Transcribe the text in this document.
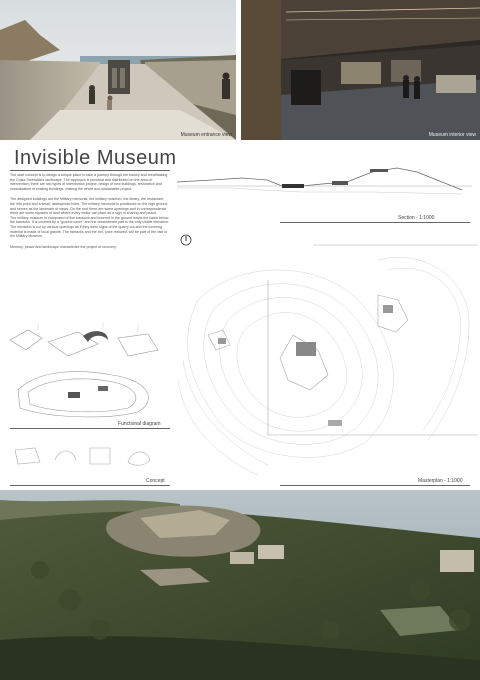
Museum entrance view	Museum interior view
Invisible Museum

The start concept is to design a unique place to take a journey through the history and breathtaking the Costa Smeralda's landscape. The approach is punctual and distributed on the area of intervention; there are two types of intervention project: design of new buildings, restoration and consolidation of existing buildings, making the whole eco-sustainable project.

The designed buildings are the Military memorial, the military museum, the library, the restaurant, the info point and a small, widespread hotel. The military memorial is positioned on the high ground and serves as the landmark of views. On the roof there are some openings and in correspondence there are some squares of land where every visitor can plant as a sign of sharing and peace.

The military museum is composed of five bastions and lowered in the ground inside the basin below the barracks. It is covered by a "ground cover" and the downstream part is the only visible elevation. The elevation is cut by various openings as if they were signs of the quarry cut and the covering material is made of local granite. The barracks and the fort, once restored, will be part of the visit to the Military Museum.

Memory, peace and landscape characterize the project of recovery.

Section - 1:1000
Functional diagram
Concept	Masterplan - 1:1000
